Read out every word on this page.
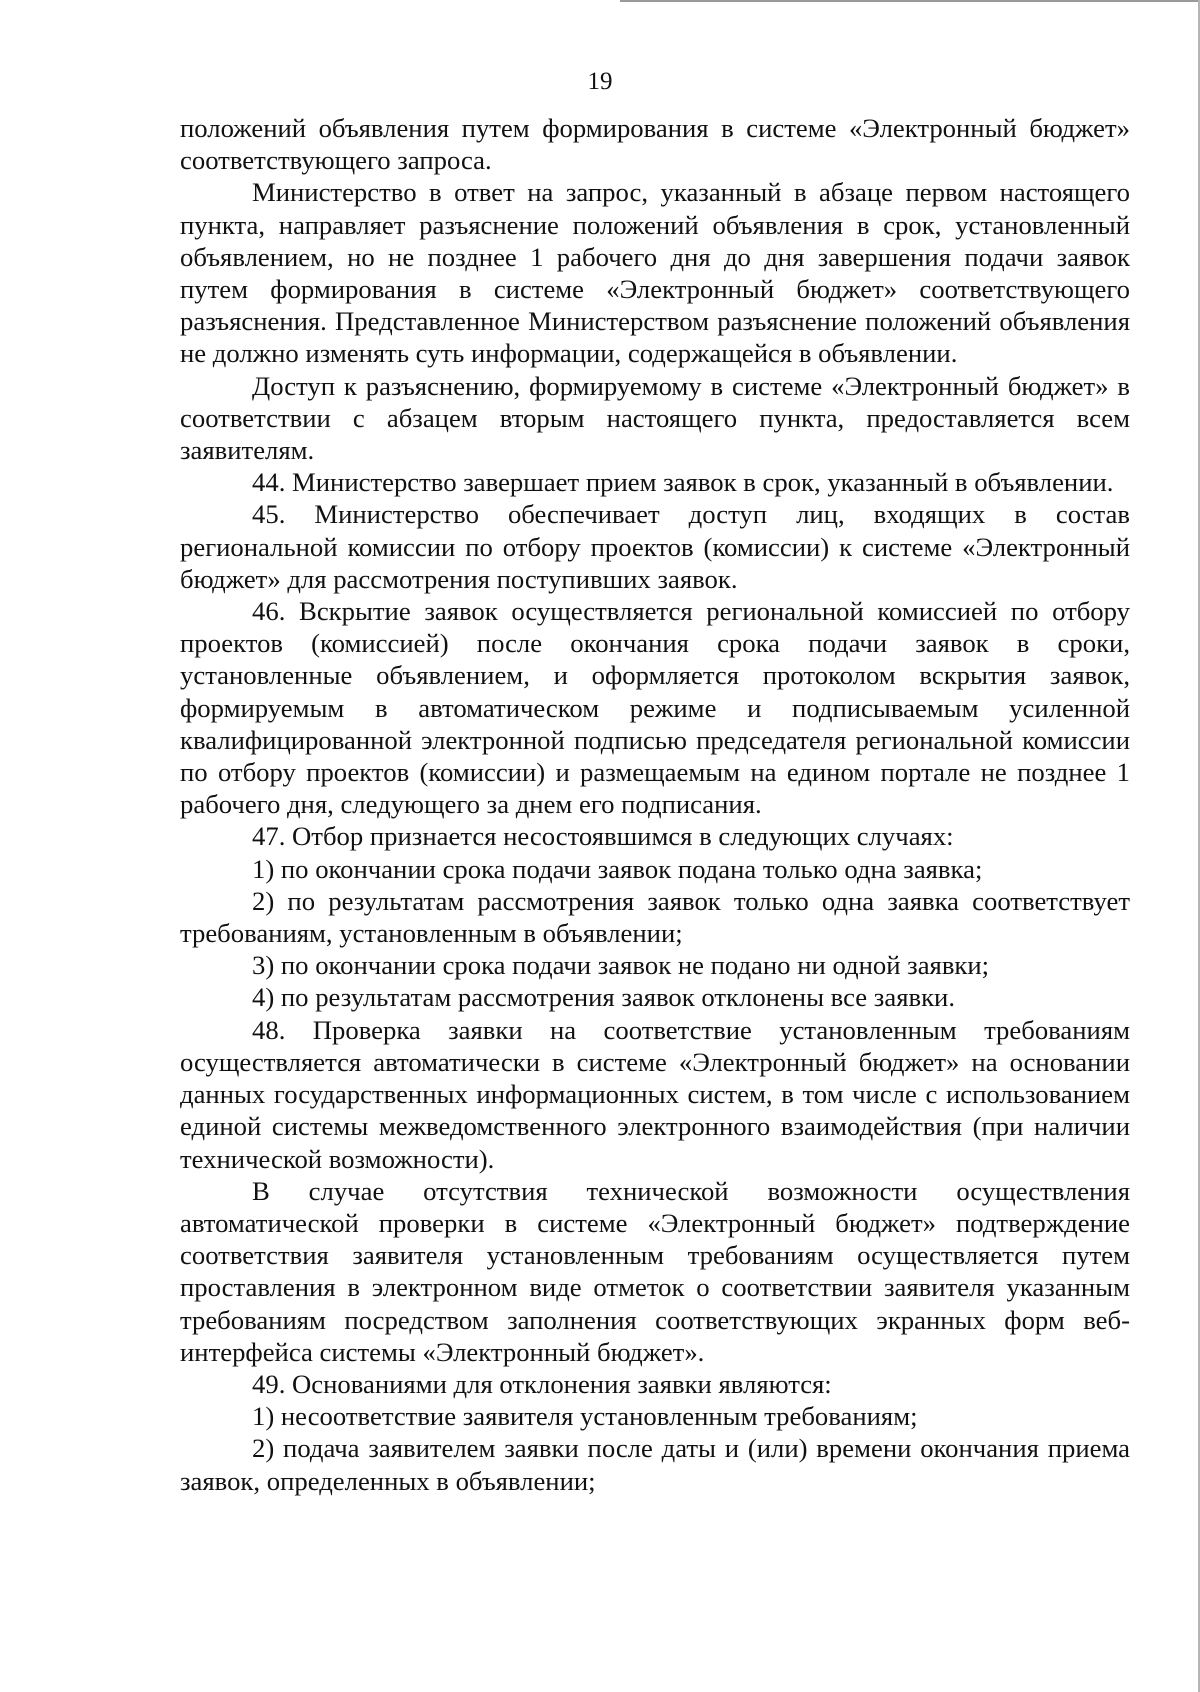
19

положений объявления путем формирования в системе «Электронный бюджет» соответствующего запроса.

Министерство в ответ на запрос, указанный в абзаце первом настоящего пункта, направляет разъяснение положений объявления в срок, установленный объявлением, но не позднее 1 рабочего дня до дня завершения подачи заявок путем формирования в системе «Электронный бюджет» соответствующего разъяснения. Представленное Министерством разъяснение положений объявления не должно изменять суть информации, содержащейся в объявлении.

Доступ к разъяснению, формируемому в системе «Электронный бюджет» в соответствии с абзацем вторым настоящего пункта, предоставляется всем заявителям.

44. Министерство завершает прием заявок в срок, указанный в объявлении.

45. Министерство обеспечивает доступ лиц, входящих в состав региональной комиссии по отбору проектов (комиссии) к системе «Электронный бюджет» для рассмотрения поступивших заявок.

46. Вскрытие заявок осуществляется региональной комиссией по отбору проектов (комиссией) после окончания срока подачи заявок в сроки, установленные объявлением, и оформляется протоколом вскрытия заявок, формируемым в автоматическом режиме и подписываемым усиленной квалифицированной электронной подписью председателя региональной комиссии по отбору проектов (комиссии) и размещаемым на едином портале не позднее 1 рабочего дня, следующего за днем его подписания.

47. Отбор признается несостоявшимся в следующих случаях:

1) по окончании срока подачи заявок подана только одна заявка;

2) по результатам рассмотрения заявок только одна заявка соответствует требованиям, установленным в объявлении;

3) по окончании срока подачи заявок не подано ни одной заявки;

4) по результатам рассмотрения заявок отклонены все заявки.

48. Проверка заявки на соответствие установленным требованиям осуществляется автоматически в системе «Электронный бюджет» на основании данных государственных информационных систем, в том числе с использованием единой системы межведомственного электронного взаимодействия (при наличии технической возможности).

В случае отсутствия технической возможности осуществления автоматической проверки в системе «Электронный бюджет» подтверждение соответствия заявителя установленным требованиям осуществляется путем проставления в электронном виде отметок о соответствии заявителя указанным требованиям посредством заполнения соответствующих экранных форм веб-интерфейса системы «Электронный бюджет».

49. Основаниями для отклонения заявки являются:

1) несоответствие заявителя установленным требованиям;

2) подача заявителем заявки после даты и (или) времени окончания приема заявок, определенных в объявлении;
